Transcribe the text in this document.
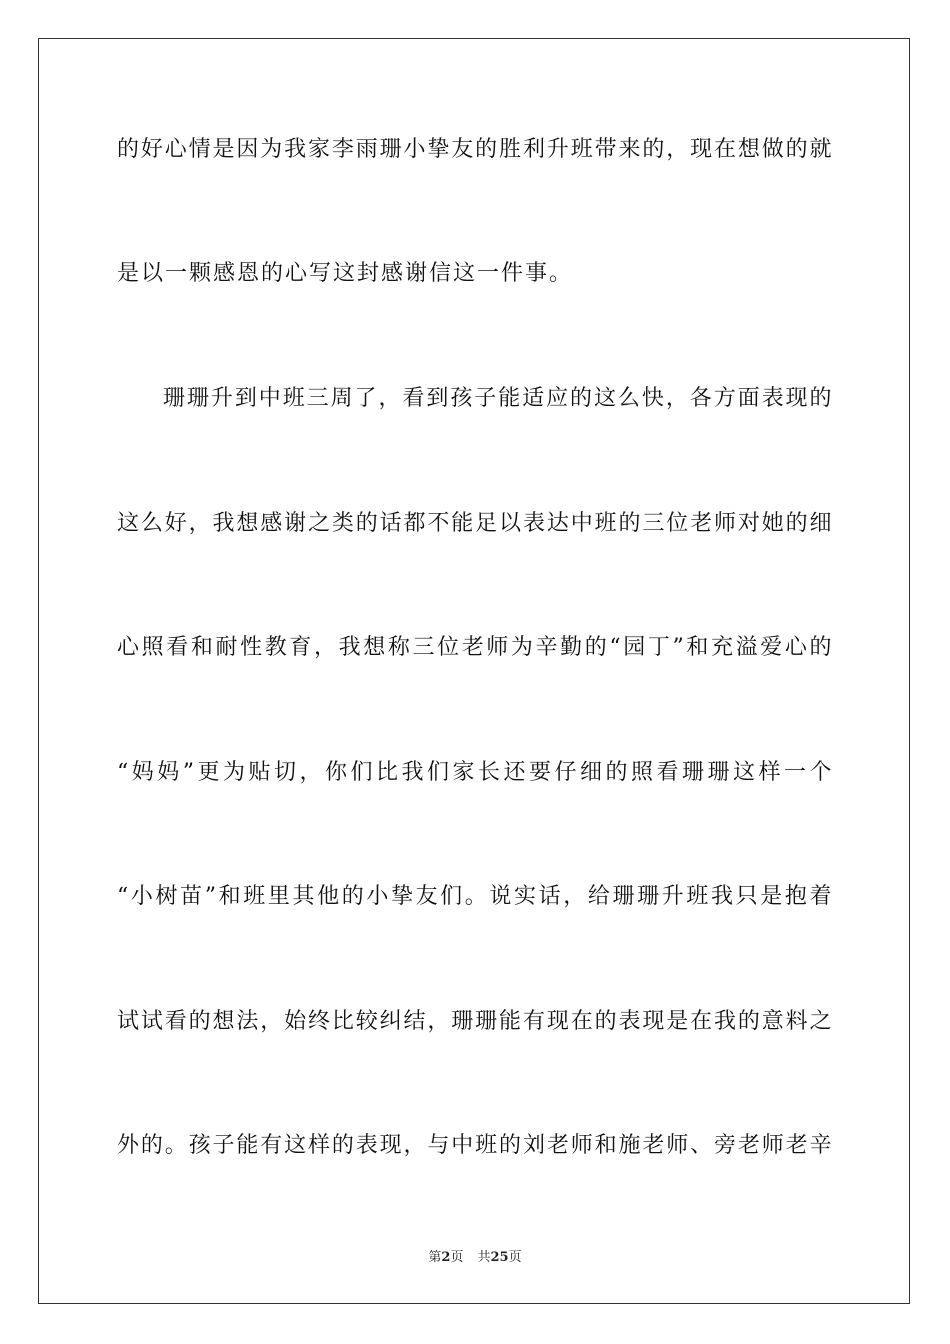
的好心情是因为我家李雨珊小挚友的胜利升班带来的，现在想做的就
是以一颗感恩的心写这封感谢信这一件事。
珊珊升到中班三周了，看到孩子能适应的这么快，各方面表现的
这么好，我想感谢之类的话都不能足以表达中班的三位老师对她的细
心照看和耐性教育，我想称三位老师为辛勤的“园丁”和充溢爱心的
“妈妈”更为贴切，你们比我们家长还要仔细的照看珊珊这样一个
“小树苗”和班里其他的小挚友们。说实话，给珊珊升班我只是抱着
试试看的想法，始终比较纠结，珊珊能有现在的表现是在我的意料之
外的。孩子能有这样的表现，与中班的刘老师和施老师、旁老师老辛
第2页 共25页
